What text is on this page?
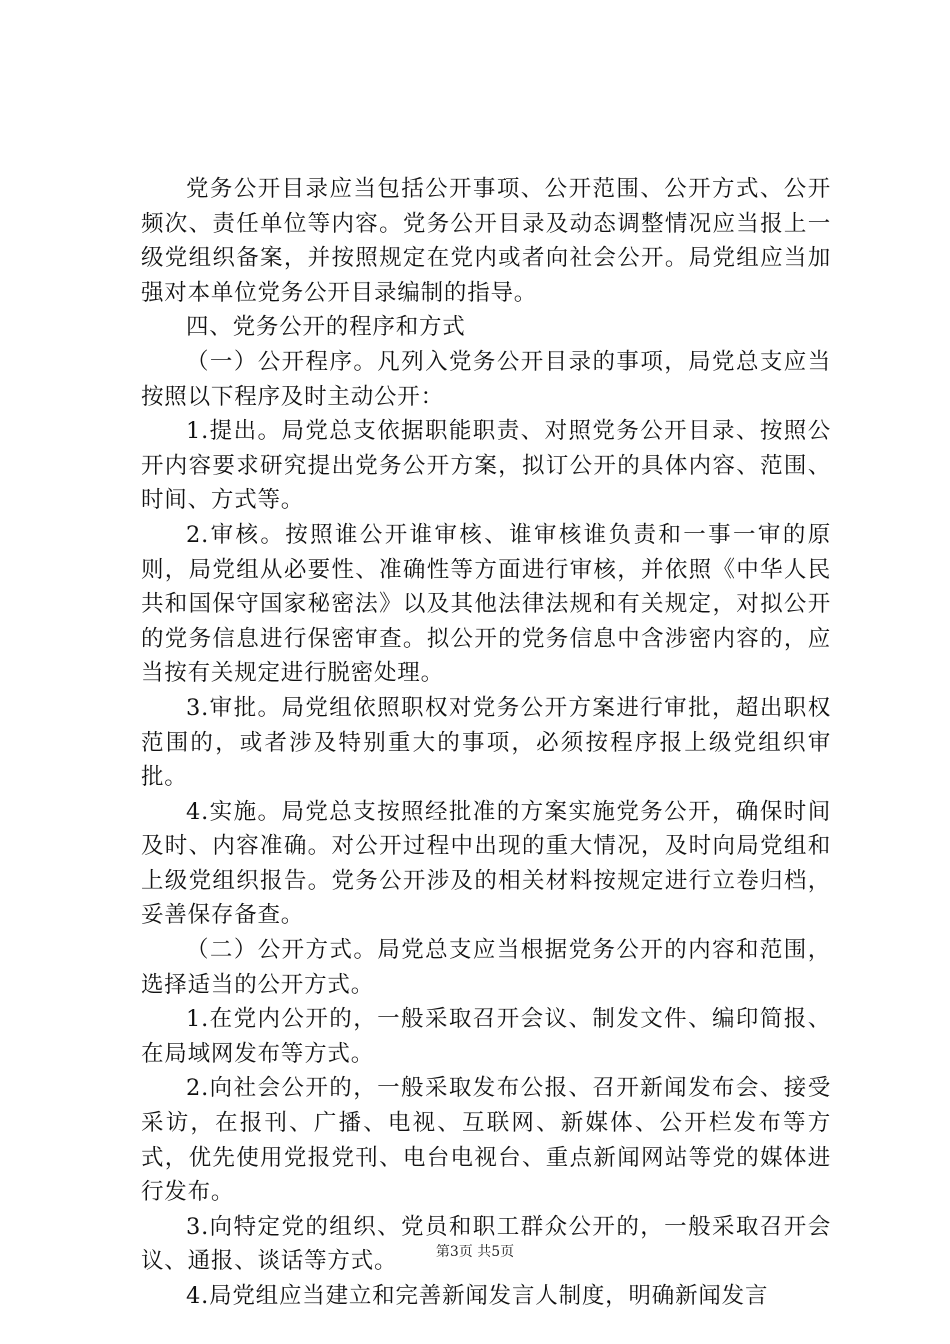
党务公开目录应当包括公开事项、公开范围、公开方式、公开频次、责任单位等内容。党务公开目录及动态调整情况应当报上一级党组织备案，并按照规定在党内或者向社会公开。局党组应当加强对本单位党务公开目录编制的指导。

四、党务公开的程序和方式

（一）公开程序。凡列入党务公开目录的事项，局党总支应当按照以下程序及时主动公开：

1.提出。局党总支依据职能职责、对照党务公开目录、按照公开内容要求研究提出党务公开方案，拟订公开的具体内容、范围、时间、方式等。

2.审核。按照谁公开谁审核、谁审核谁负责和一事一审的原则，局党组从必要性、准确性等方面进行审核，并依照《中华人民共和国保守国家秘密法》以及其他法律法规和有关规定，对拟公开的党务信息进行保密审查。拟公开的党务信息中含涉密内容的，应当按有关规定进行脱密处理。

3.审批。局党组依照职权对党务公开方案进行审批，超出职权范围的，或者涉及特别重大的事项，必须按程序报上级党组织审批。

4.实施。局党总支按照经批准的方案实施党务公开，确保时间及时、内容准确。对公开过程中出现的重大情况，及时向局党组和上级党组织报告。党务公开涉及的相关材料按规定进行立卷归档，妥善保存备查。

（二）公开方式。局党总支应当根据党务公开的内容和范围，选择适当的公开方式。

1.在党内公开的，一般采取召开会议、制发文件、编印简报、在局域网发布等方式。

2.向社会公开的，一般采取发布公报、召开新闻发布会、接受采访，在报刊、广播、电视、互联网、新媒体、公开栏发布等方式，优先使用党报党刊、电台电视台、重点新闻网站等党的媒体进行发布。

3.向特定党的组织、党员和职工群众公开的，一般采取召开会议、通报、谈话等方式。

4.局党组应当建立和完善新闻发言人制度，明确新闻发言

第3页 共5页
